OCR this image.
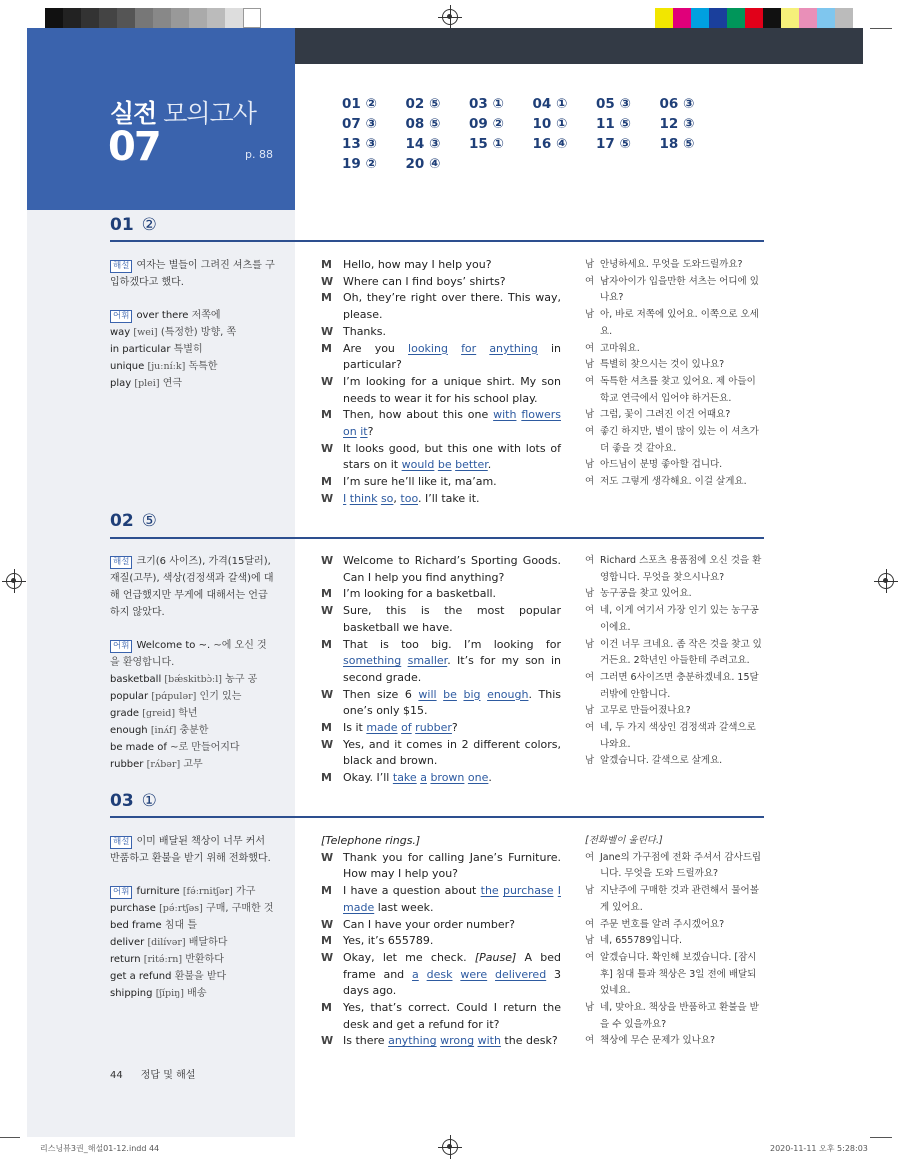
실전 모의고사
07	p. 88
01 ②	02 ⑤	03 ①	04 ①	05 ③	06 ③
07 ③	08 ⑤	09 ②	10 ①	11 ⑤	12 ③
13 ③	14 ③	15 ①	16 ④	17 ⑤	18 ⑤
19 ②	20 ④
01 ②
해설 여자는 별들이 그려진 셔츠를 구입하겠다고 했다.
어휘 over there 저쪽에
way [wei] (특정한) 방향, 쪽
in particular 특별히
unique [juːníːk] 독특한
play [plei] 연극
M	Hello, how may I help you?
W Where can I find boys’ shirts?
M	Oh, they’re right over there. This way, please.
W Thanks.
M	Are you looking for anything in particular?
W I’m looking for a unique shirt. My son needs to wear it for his school play.
M	Then, how about this one with flowers on it?
W It looks good, but this one with lots of stars on it would be better.
M	I’m sure he’ll like it, ma’am.
W I think so, too. I’ll take it.
남 안녕하세요. 무엇을 도와드릴까요?
여 남자아이가 입을만한 셔츠는 어디에 있나요?
남 아, 바로 저쪽에 있어요. 이쪽으로 오세요.
여 고마워요.
남 특별히 찾으시는 것이 있나요?
여 독특한 셔츠를 찾고 있어요. 제 아들이 학교 연극에서 입어야 하거든요.
남 그럼, 꽃이 그려진 이건 어때요?
여 좋긴 하지만, 별이 많이 있는 이 셔츠가 더 좋을 것 같아요.
남 아드님이 분명 좋아할 겁니다.
여 저도 그렇게 생각해요. 이걸 살게요.
02 ⑤
해설 크기(6 사이즈), 가격(15달러), 재질(고무), 색상(검정색과 갈색)에 대해 언급했지만 무게에 대해서는 언급하지 않았다.
어휘 Welcome to ~. ~에 오신 것을 환영합니다.
basketball [bǽskitbɔ̀ːl] 농구 공
popular [pɑ́pulər] 인기 있는
grade [greid] 학년
enough [inʌ́f] 충분한
be made of ~로 만들어지다
rubber [rʌ́bər] 고무
W Welcome to Richard’s Sporting Goods. Can I help you find anything?
M	I’m looking for a basketball.
W Sure, this is the most popular basketball we have.
M	That is too big. I’m looking for something smaller. It’s for my son in second grade.
W Then size 6 will be big enough. This one’s only $15.
M	Is it made of rubber?
W Yes, and it comes in 2 different colors, black and brown.
M	Okay. I’ll take a brown one.
여 Richard 스포츠 용품점에 오신 것을 환영합니다. 무엇을 찾으시나요?
남 농구공을 찾고 있어요.
여 네, 이게 여기서 가장 인기 있는 농구공이에요.
남 이건 너무 크네요. 좀 작은 것을 찾고 있거든요. 2학년인 아들한테 주려고요.
여 그러면 6사이즈면 충분하겠네요. 15달러밖에 안합니다.
남 고무로 만들어졌나요?
여 네, 두 가지 색상인 검정색과 갈색으로 나와요.
남 알겠습니다. 갈색으로 살게요.
03 ①
해설 이미 배달된 책상이 너무 커서 반품하고 환불을 받기 위해 전화했다.
어휘 furniture [fə́ːrnitʃər] 가구
purchase [pə́ːrtʃəs] 구매, 구매한 것
bed frame 침대 틀
deliver [dilívər] 배달하다
return [ritə́ːrn] 반환하다
get a refund 환불을 받다
shipping [ʃípiŋ] 배송
[Telephone rings.]
W Thank you for calling Jane’s Furniture. How may I help you?
M	I have a question about the purchase I made last week.
W Can I have your order number?
M	Yes, it’s 655789.
W Okay, let me check. [Pause] A bed frame and a desk were delivered 3 days ago.
M	Yes, that’s correct. Could I return the desk and get a refund for it?
W Is there anything wrong with the desk?
[전화벨이 울린다.]
여 Jane의 가구점에 전화 주셔서 감사드립니다. 무엇을 도와 드릴까요?
남 지난주에 구매한 것과 관련해서 물어볼 게 있어요.
여 주문 번호를 알려 주시겠어요?
남 네, 655789입니다.
여 알겠습니다. 확인해 보겠습니다. [잠시 후] 침대 틀과 책상은 3일 전에 배달되었네요.
남 네, 맞아요. 책상을 반품하고 환불을 받을 수 있을까요?
여 책상에 무슨 문제가 있나요?
44 정답 및 해설
리스닝뷰3권_해설01-12.indd 44	2020-11-11 오후 5:28:03
